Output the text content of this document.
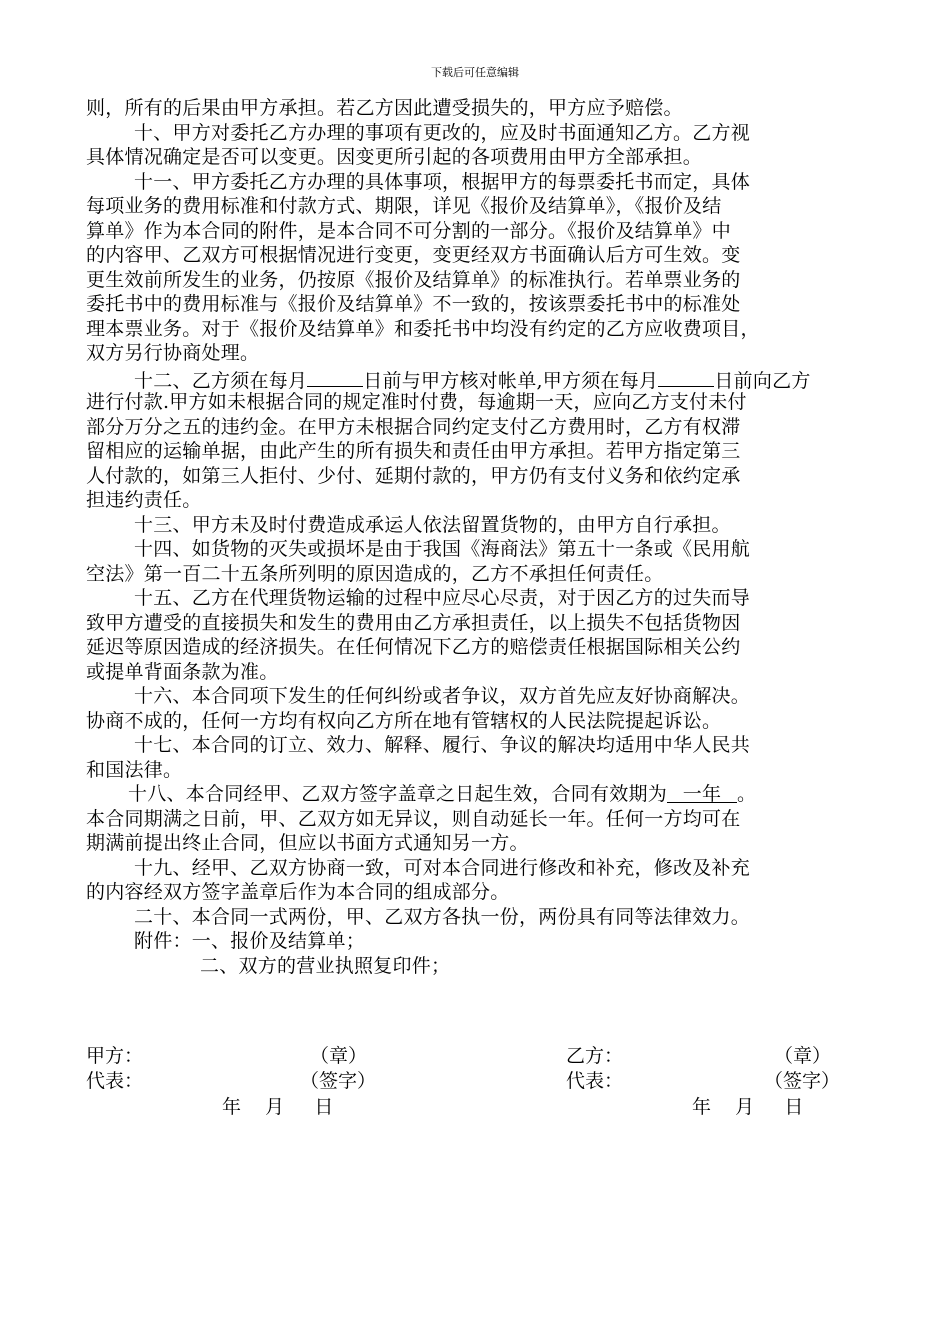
下载后可任意编辑
则，所有的后果由甲方承担。若乙方因此遭受损失的，甲方应予赔偿。
十、甲方对委托乙方办理的事项有更改的，应及时书面通知乙方。乙方视
具体情况确定是否可以变更。因变更所引起的各项费用由甲方全部承担。
十一、甲方委托乙方办理的具体事项，根据甲方的每票委托书而定，具体
每项业务的费用标准和付款方式、期限，详见《报价及结算单》，《报价及结
算单》作为本合同的附件，是本合同不可分割的一部分。《报价及结算单》中
的内容甲、乙双方可根据情况进行变更，变更经双方书面确认后方可生效。变
更生效前所发生的业务，仍按原《报价及结算单》的标准执行。若单票业务的
委托书中的费用标准与《报价及结算单》不一致的，按该票委托书中的标准处
理本票业务。对于《报价及结算单》和委托书中均没有约定的乙方应收费项目，
双方另行协商处理。
十二、乙方须在每月	日前与甲方核对帐单,甲方须在每月	日前向乙方
进行付款.甲方如未根据合同的规定准时付费，每逾期一天，应向乙方支付未付
部分万分之五的违约金。在甲方未根据合同约定支付乙方费用时，乙方有权滞
留相应的运输单据，由此产生的所有损失和责任由甲方承担。若甲方指定第三
人付款的，如第三人拒付、少付、延期付款的，甲方仍有支付义务和依约定承
担违约责任。
十三、甲方未及时付费造成承运人依法留置货物的，由甲方自行承担。
十四、如货物的灭失或损坏是由于我国《海商法》第五十一条或《民用航
空法》第一百二十五条所列明的原因造成的，乙方不承担任何责任。
十五、乙方在代理货物运输的过程中应尽心尽责，对于因乙方的过失而导
致甲方遭受的直接损失和发生的费用由乙方承担责任，以上损失不包括货物因
延迟等原因造成的经济损失。在任何情况下乙方的赔偿责任根据国际相关公约
或提单背面条款为准。
十六、本合同项下发生的任何纠纷或者争议，双方首先应友好协商解决。
协商不成的，任何一方均有权向乙方所在地有管辖权的人民法院提起诉讼。
十七、本合同的订立、效力、解释、履行、争议的解决均适用中华人民共
和国法律。
十八、本合同经甲、乙双方签字盖章之日起生效，合同有效期为 一年 。
本合同期满之日前，甲、乙双方如无异议，则自动延长一年。任何一方均可在
期满前提出终止合同，但应以书面方式通知另一方。
十九、经甲、乙双方协商一致，可对本合同进行修改和补充，修改及补充
的内容经双方签字盖章后作为本合同的组成部分。
二十、本合同一式两份，甲、乙双方各执一份，两份具有同等法律效力。
附件：一、报价及结算单；
二、双方的营业执照复印件；
甲方：	（章）
代表：	（签字）
年    月     日
乙方：	（章）
代表：	（签字）
年    月     日
